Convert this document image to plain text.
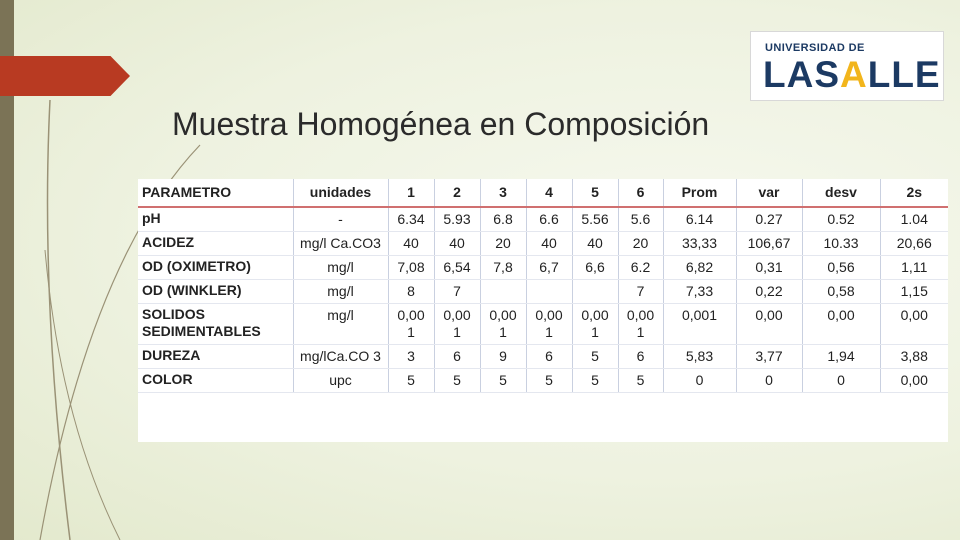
UNIVERSIDAD DE
LASALLE
Muestra Homogénea en Composición
PARAMETRO	unidades	1	2	3	4	5	6	Prom	var	desv	2s
pH	-	6.34	5.93	6.8	6.6	5.56	5.6	6.14	0.27	0.52	1.04
ACIDEZ	mg/l Ca.CO3	40	40	20	40	40	20	33,33	106,67	10.33	20,66
OD (OXIMETRO)	mg/l	7,08	6,54	7,8	6,7	6,6	6.2	6,82	0,31	0,56	1,11
OD (WINKLER)	mg/l	8	7				7	7,33	0,22	0,58	1,15
SOLIDOS SEDIMENTABLES	mg/l	0,00 1	0,00 1	0,00 1	0,00 1	0,00 1	0,00 1	0,001	0,00	0,00	0,00
DUREZA	mg/lCa.CO 3	3	6	9	6	5	6	5,83	3,77	1,94	3,88
COLOR	upc	5	5	5	5	5	5	0	0	0	0,00
